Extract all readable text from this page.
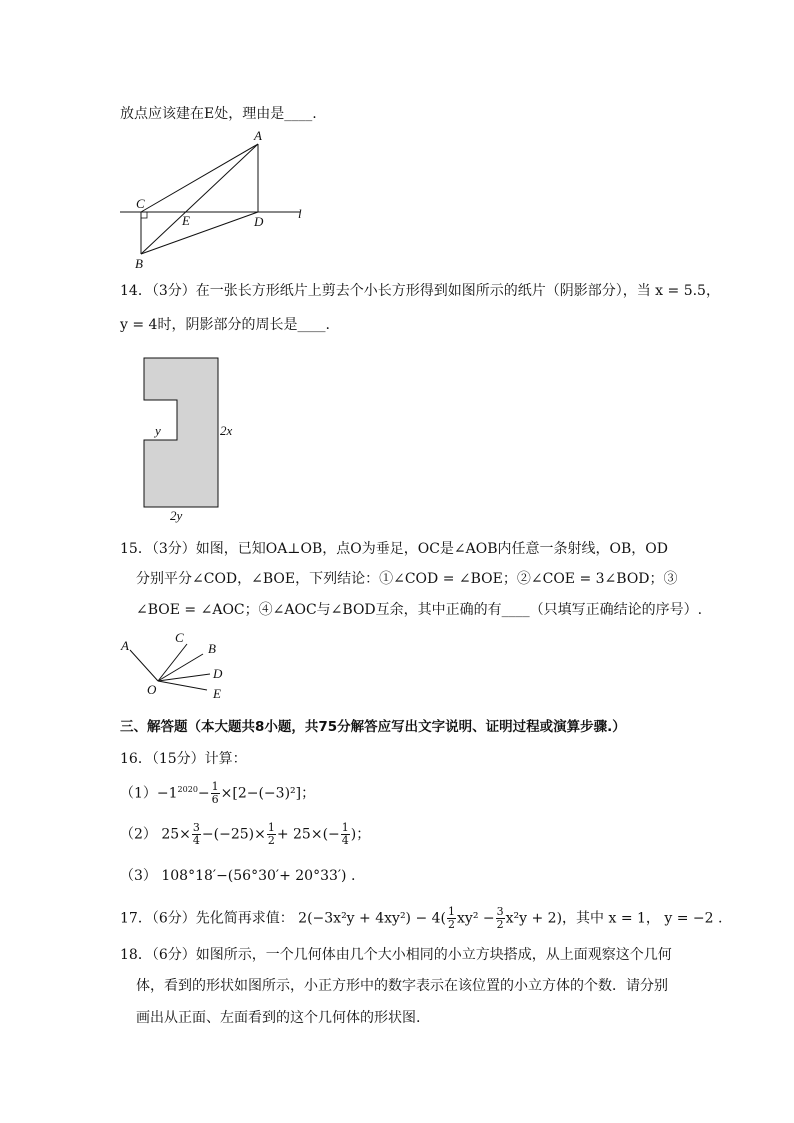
放点应该建在E处，理由是____.
A
C
E	D
l
B
14．（3分）在一张长方形纸片上剪去个小长方形得到如图所示的纸片（阴影部分），当 x = 5.5，
y = 4时，阴影部分的周长是____.
y	2x
2y
15．（3分）如图，已知OA⊥OB，点O为垂足，OC是∠AOB内任意一条射线，OB，OD
分别平分∠COD，∠BOE，下列结论：①∠COD = ∠BOE；②∠COE = 3∠BOD；③
∠BOE = ∠AOC；④∠AOC与∠BOD互余，其中正确的有____（只填写正确结论的序号）.
A
C
B
D
O	E
三、解答题（本大题共8小题，共75分解答应写出文字说明、证明过程或演算步骤.）
16．（15分）计算：
$(1)-1^{2020}- \frac{1}{6} \times[2-(-3)^2]$；
（2） $25\times \frac{3}{4} -(-25)\times \frac{1}{2} + 25\times(- \frac{1}{4}$ )；
（3） 108°18′−(56°30′+ 20°33′) .
17．（6分）先化简再求值： $2(-3x^2y + 4xy^2) - 4( \frac{1}{2} xy^2 - \frac{3}{2} x^2y + 2)$，其中 x = 1， y = −2 .
18．（6分）如图所示，一个几何体由几个大小相同的小立方块搭成，从上面观察这个几何
体，看到的形状如图所示，小正方形中的数字表示在该位置的小立方体的个数．请分别
画出从正面、左面看到的这个几何体的形状图.
